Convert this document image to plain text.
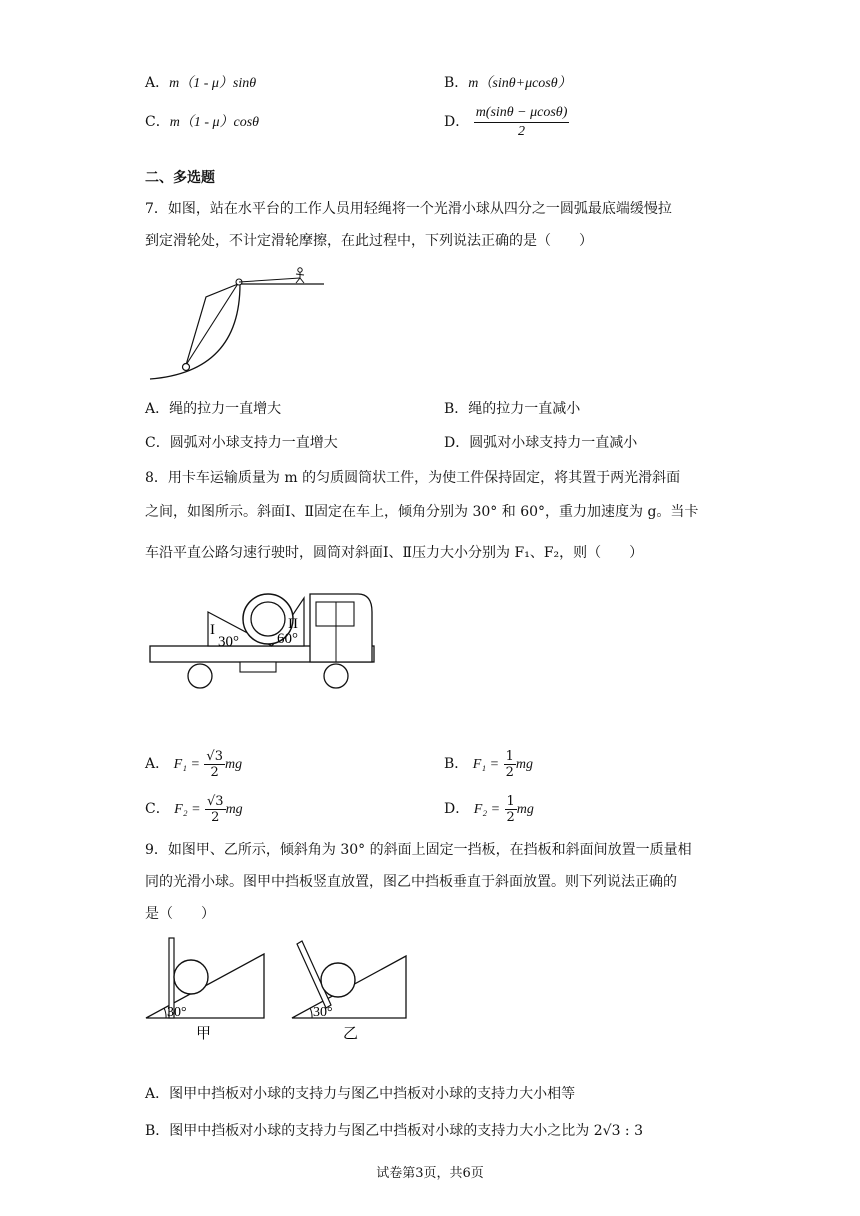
A．m（1 - μ）sinθ	B．m（sinθ+μcosθ）
C．m（1 - μ）cosθ	D． $\frac{m(\sin\theta - \mu\cos\theta)}{2}$
二、多选题
7．如图，站在水平台的工作人员用轻绳将一个光滑小球从四分之一圆弧最底端缓慢拉
到定滑轮处，不计定滑轮摩擦，在此过程中，下列说法正确的是（　　）
A．绳的拉力一直增大	B．绳的拉力一直减小
C．圆弧对小球支持力一直增大	D．圆弧对小球支持力一直减小
8．用卡车运输质量为 m 的匀质圆筒状工件，为使工件保持固定，将其置于两光滑斜面
之间，如图所示。斜面Ⅰ、Ⅱ固定在车上，倾角分别为 30° 和 60°，重力加速度为 g。当卡
车沿平直公路匀速行驶时，圆筒对斜面Ⅰ、Ⅱ压力大小分别为 F₁、F₂，则（　　）
I
30°
II
60°
A． $F_1 = \frac{√3}{2}$ mg	B． $F_1 = \frac{1}{2}$ mg
C． $F_2 = \frac{√3}{2}$ mg	D． $F_2 = \frac{1}{2}$ mg
9．如图甲、乙所示，倾斜角为 30° 的斜面上固定一挡板，在挡板和斜面间放置一质量相
同的光滑小球。图甲中挡板竖直放置，图乙中挡板垂直于斜面放置。则下列说法正确的
是（　　）
30°
甲
30°
乙
A．图甲中挡板对小球的支持力与图乙中挡板对小球的支持力大小相等
B．图甲中挡板对小球的支持力与图乙中挡板对小球的支持力大小之比为 2√3 : 3
试卷第3页，共6页
